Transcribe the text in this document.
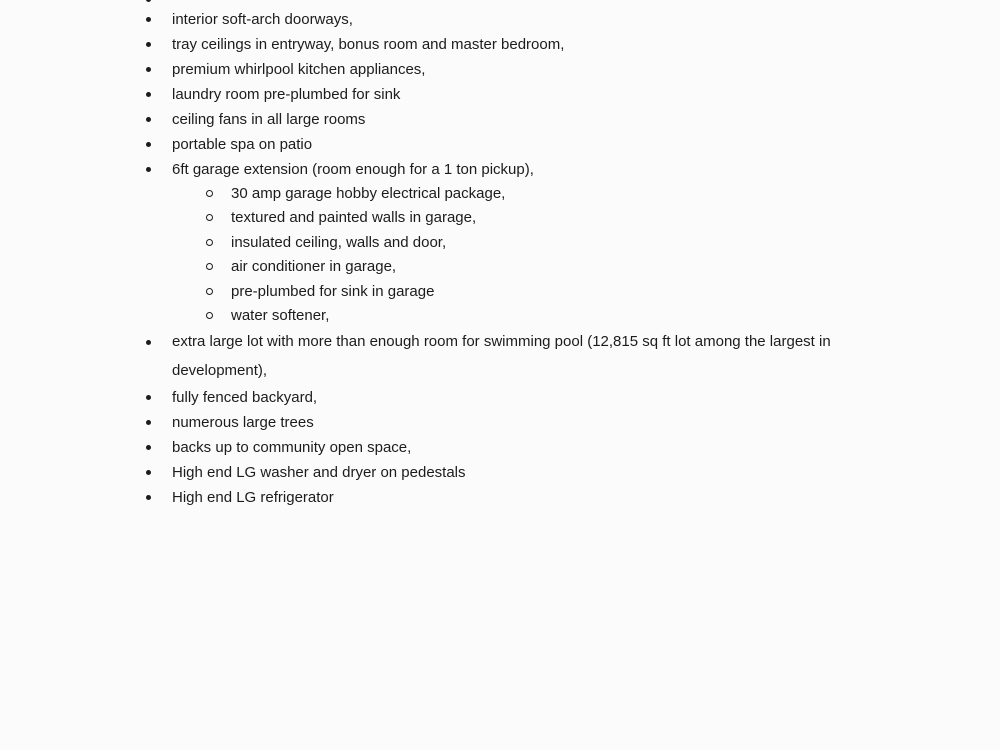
interior soft-arch doorways,
tray ceilings in entryway, bonus room and master bedroom,
premium whirlpool kitchen appliances,
laundry room pre-plumbed for sink
ceiling fans in all large rooms
portable spa on patio
6ft garage extension (room enough for a 1 ton pickup),
30 amp garage hobby electrical package,
textured and painted walls in garage,
insulated ceiling, walls and door,
air conditioner in garage,
pre-plumbed for sink in garage
water softener,
extra large lot with more than enough room for swimming pool (12,815 sq ft lot among the largest in development),
fully fenced backyard,
numerous large trees
backs up to community open space,
High end LG washer and dryer on pedestals
High end LG refrigerator
